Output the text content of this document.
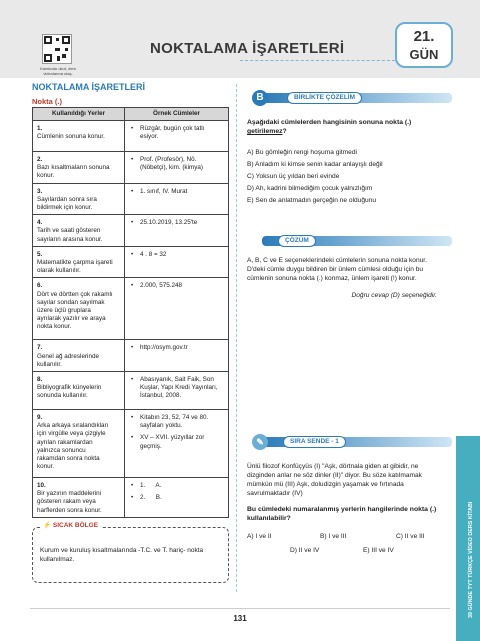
Karekodu okut, ders videolarına ulaş.
NOKTALAMA İŞARETLERİ
21.
GÜN
NOKTALAMA İŞARETLERİ
Nokta (.)
Kullanıldığı Yerler	Örnek Cümleler
1.Cümlenin sonuna konur.	• Rüzgâr, bugün çok tatlı esiyor.

2.Bazı kısaltmaların sonuna konur.	• Prof. (Profesör), Nö. (Nöbetçi), kim. (kimya)

3.Sayılardan sonra sıra bildirmek için konur.	• 1. sınıf, IV. Murat

4.Tarih ve saati gösteren sayıların arasına konur.	• 25.10.2019, 13.25'te

5.Matematikte çarpma işareti olarak kullanılır.	• 4 . 8 = 32

6.Dört ve dörtten çok rakamlı sayılar sondan sayılmak üzere üçlü gruplara ayrılarak yazılır ve araya nokta konur.	• 2.000, 575.248

7.Genel ağ adreslerinde kullanılır.	• http://osym.gov.tr

8.Bibliyografik künyelerin sonunda kullanılır.	• Abasıyanık, Sait Faik, Son Kuşlar, Yapı Kredi Yayınları, İstanbul, 2008.

9.Arka arkaya sıralandıkları için virgülle veya çizgiyle ayrılan rakamlardan yalnızca sonuncu rakamdan sonra nokta konur.	• Kitabın 23, 52, 74 ve 80. sayfaları yoktu.
• XV – XVII. yüzyıllar zor geçmiş.

10.Bir yazının maddelerini gösteren rakam veya harflerden sonra konur.	• 1.      A.
• 2.      B.
⚡ SICAK BÖLGE
Kurum ve kuruluş kısaltmalarında -T.C. ve T. hariç- nokta kullanılmaz.
B	BİRLİKTE ÇÖZELİM
Aşağıdaki cümlelerden hangisinin sonuna nokta (.) getirilemez?
A) Bu gömleğin rengi hoşuma gitmedi
B) Anladım ki kimse senin kadar anlayışlı değil
C) Yoksun üç yıldan beri evinde
D) Ah, kadrini bilmediğim çocuk yalnızlığım
E) Sen de anlatmadın gerçeğin ne olduğunu
ÇÖZÜM
A, B, C ve E seçeneklerindeki cümlelerin sonuna nokta konur. D'deki cümle duygu bildiren bir ünlem cümlesi olduğu için bu cümlenin sonuna nokta (.) konmaz, ünlem işareti (!) konur.
Doğru cevap (D) seçeneğidir.
✎	SIRA SENDE - 1
Ünlü filozof Konfüçyüs (I) "Aşk, dörtnala giden at gibidir, ne dizginden anlar ne söz dinler (II)" diyor. Bu söze katılmamak mümkün mü (III) Aşk, doludizgin yaşamak ve fırtınada savrulmaktadır (IV)
Bu cümledeki numaralanmış yerlerin hangilerinde nokta (.) kullanılabilir?
A) I ve II	B) I ve III	C) II ve III
D) II ve IV	E) III ve IV	39 GÜNDE TYT TÜRKÇE VİDEO DERS KİTABI
131
